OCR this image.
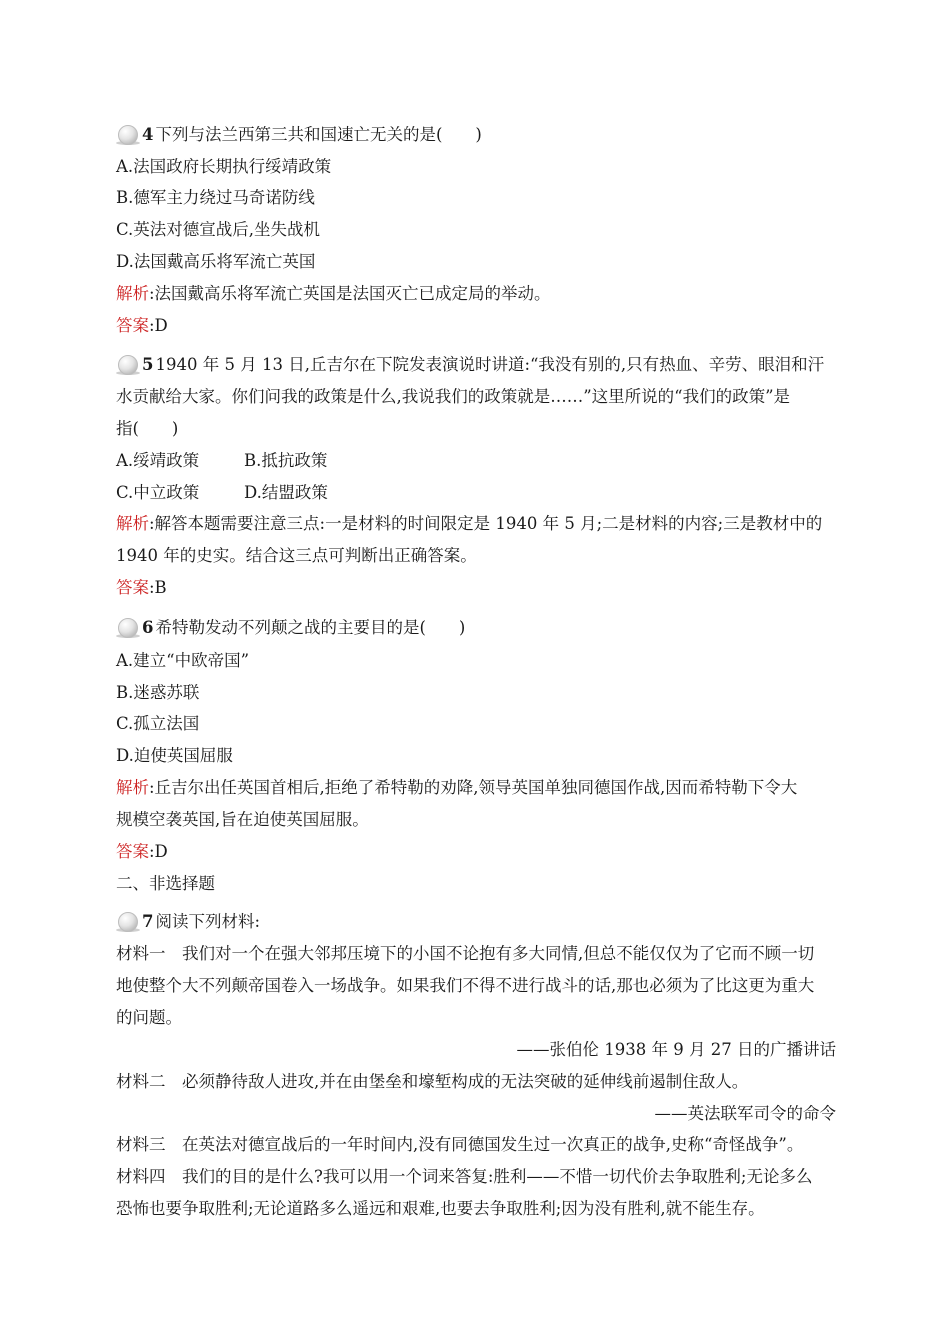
4 下列与法兰西第三共和国速亡无关的是(　　)
A.法国政府长期执行绥靖政策
B.德军主力绕过马奇诺防线
C.英法对德宣战后,坐失战机
D.法国戴高乐将军流亡英国
解析:法国戴高乐将军流亡英国是法国灭亡已成定局的举动。
答案:D
5 1940 年 5 月 13 日,丘吉尔在下院发表演说时讲道:“我没有别的,只有热血、辛劳、眼泪和汗
水贡献给大家。你们问我的政策是什么,我说我们的政策就是……”这里所说的“我们的政策”是
指(　　)
A.绥靖政策	B.抵抗政策
C.中立政策	D.结盟政策
解析:解答本题需要注意三点:一是材料的时间限定是 1940 年 5 月;二是材料的内容;三是教材中的
1940 年的史实。结合这三点可判断出正确答案。
答案:B
6 希特勒发动不列颠之战的主要目的是(　　)
A.建立“中欧帝国”
B.迷惑苏联
C.孤立法国
D.迫使英国屈服
解析:丘吉尔出任英国首相后,拒绝了希特勒的劝降,领导英国单独同德国作战,因而希特勒下令大
规模空袭英国,旨在迫使英国屈服。
答案:D
二、非选择题
7 阅读下列材料:
材料一　我们对一个在强大邻邦压境下的小国不论抱有多大同情,但总不能仅仅为了它而不顾一切
地使整个大不列颠帝国卷入一场战争。如果我们不得不进行战斗的话,那也必须为了比这更为重大
的问题。
——张伯伦 1938 年 9 月 27 日的广播讲话
材料二　必须静待敌人进攻,并在由堡垒和壕堑构成的无法突破的延伸线前遏制住敌人。
——英法联军司令的命令
材料三　在英法对德宣战后的一年时间内,没有同德国发生过一次真正的战争,史称“奇怪战争”。
材料四　我们的目的是什么?我可以用一个词来答复:胜利——不惜一切代价去争取胜利;无论多么
恐怖也要争取胜利;无论道路多么遥远和艰难,也要去争取胜利;因为没有胜利,就不能生存。
